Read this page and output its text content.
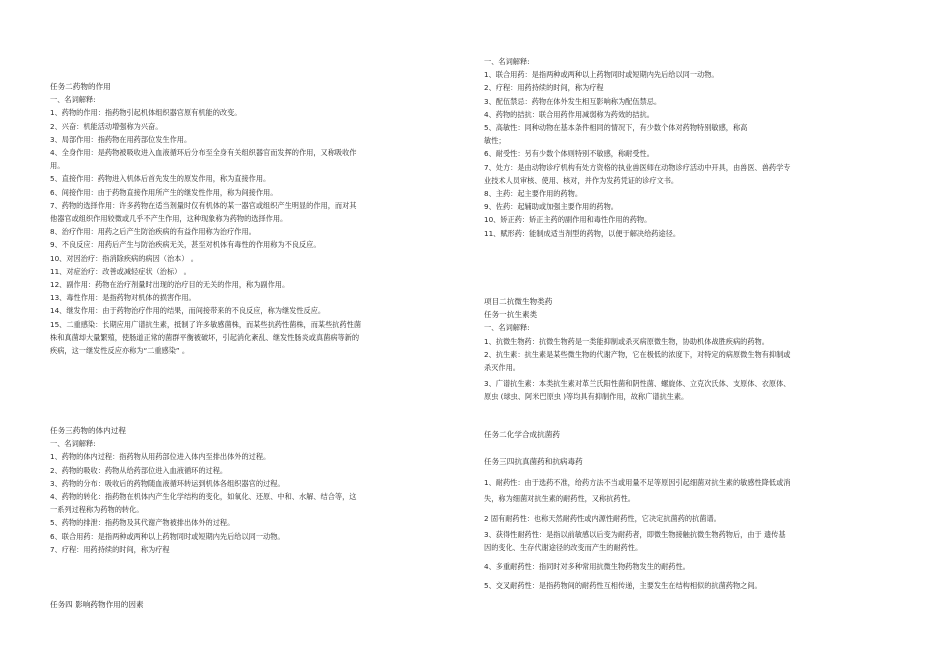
任务二药物的作用
一、名词解释:
1、药物的作用：指药物引起机体组织器官原有机能的改变。
2、兴奋：机能活动增强称为兴奋。
3、局部作用：指药物在用药部位发生作用。
4、全身作用：是药物被吸收进入血液循环后分布至全身有关组织器官而发挥的作用，又称吸收作
用。
5、直接作用：药物进入机体后首先发生的原发作用，称为直接作用。
6、间接作用：由于药物直接作用所产生的继发性作用，称为间接作用。
7、药物的选择作用：许多药物在适当剂量时仅有机体的某一器官或组织产生明显的作用，而对其
他器官或组织作用较微或几乎不产生作用，这种现象称为药物的选择作用。
8、治疗作用：用药之后产生防治疾病的有益作用称为治疗作用。
9、不良反应：用药后产生与防治疾病无关，甚至对机体有毒性的作用称为不良反应。
10、对因治疗：指消除疾病的病因（治本） 。
11、对症治疗：改善或减轻症状（治标） 。
12、副作用：药物在治疗剂量时出现的治疗目的无关的作用，称为副作用。
13、毒性作用：是指药物对机体的损害作用。
14、继发作用：由于药物治疗作用的结果，而间接带来的不良反应，称为继发性反应。
15、二重感染：长期应用广谱抗生素，抵制了许多敏感菌株，而某些抗药性菌株，而某些抗药性菌
株和真菌却大量繁殖，使肠道正常的菌群平衡被破坏，引起消化紊乱、继发性肠炎或真菌病等新的
疾病，这一继发性反应亦称为“二重感染” 。
任务三药物的体内过程
一、名词解释:
1、药物的体内过程：指药物从用药部位进入体内至排出体外的过程。
2、药物的吸收：药物从给药部位进入血液循环的过程。
3、药物的分布：吸收后的药物随血液循环转运到机体各组织器官的过程。
4、药物的转化：指药物在机体内产生化学结构的变化，如氧化、还原、中和、水解、结合等，这
一系列过程称为药物的转化。
5、药物的排泄：指药物及其代谢产物被排出体外的过程。
6、联合用药：是指两种或两种以上药物同时或短期内先后给以同一动物。
7、疗程：用药持续的时间，称为疗程
任务四 影响药物作用的因素
一、名词解释:
1、联合用药：是指两种或两种以上药物同时或短期内先后给以同一动物。
2、疗程：用药持续的时间，称为疗程
3、配伍禁忌：药物在体外发生相互影响称为配伍禁忌。
4、药物的拮抗：联合用药作用减弱称为药效的拮抗。
5、高敏性：同种动物在基本条件相同的情况下，有少数个体对药物特别敏感，称高
敏性；
6、耐受性：另有少数个体则特别不敏感，称耐受性。
7、处方：是由动物诊疗机构有处方资格的执业兽医师在动物诊疗活动中开具，由兽医、兽药学专
业技术人员审核、使用、核对，并作为发药凭证的诊疗文书。
8、主药：起主要作用的药物。
9、佐药：起辅助或加强主要作用的药物。
10、矫正药：矫正主药的副作用和毒性作用的药物。
11、赋形药：能制成适当剂型的药物，以便于解决给药途径。
项目二抗微生物类药
任务一抗生素类
一、名词解释:
1、抗微生物药：抗微生物药是一类能抑制或杀灭病原微生物，协助机体战胜疾病的药物。
2、抗生素：抗生素是某些微生物的代谢产物，它在极低的浓度下，对特定的病原微生物有抑制或
杀灭作用。
3、广谱抗生素：本类抗生素对革兰氏阳性菌和阴性菌、螺旋体、立克次氏体、支原体、衣原体、
原虫 (球虫、阿米巴原虫 )等均具有抑制作用，故称广谱抗生素。
任务二化学合成抗菌药
任务三四抗真菌药和抗病毒药
1、耐药性：由于选药不准，给药方法不当或用量不足等原因引起细菌对抗生素的敏感性降低或消
失，称为细菌对抗生素的耐药性，又称抗药性。
2 固有耐药性：也称天然耐药性或内源性耐药性，它决定抗菌药的抗菌谱。
3、获得性耐药性：是指以前敏感以后变为耐药者，即微生物接触抗微生物药物后，由于 遗传基
因的变化、生存代谢途径的改变而产生的耐药性。
4、多重耐药性：指同时对多种常用抗微生物药物发生的耐药性。
5、交叉耐药性：是指药物间的耐药性互相传递，主要发生在结构相似的抗菌药物之间。
